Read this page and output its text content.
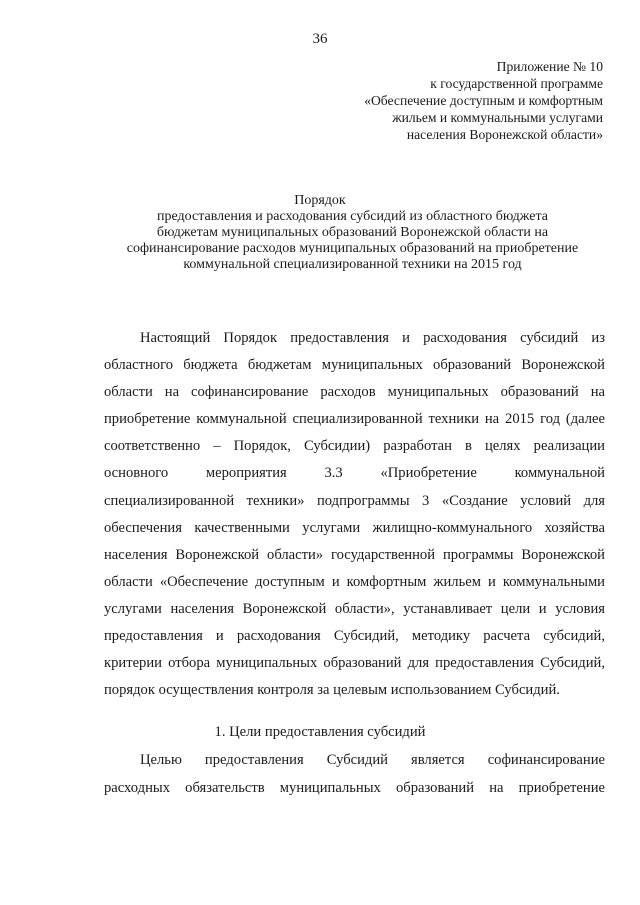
36
Приложение № 10
к государственной программе
«Обеспечение доступным и комфортным
жильем и коммунальными услугами
населения Воронежской области»
Порядок
предоставления и расходования субсидий из областного бюджета
бюджетам муниципальных образований Воронежской области на
софинансирование расходов муниципальных образований на приобретение
коммунальной специализированной техники на 2015 год
Настоящий Порядок предоставления и расходования субсидий из
областного бюджета бюджетам муниципальных образований Воронежской
области на софинансирование расходов муниципальных образований на
приобретение коммунальной специализированной техники на 2015 год (далее
соответственно – Порядок, Субсидии) разработан в целях реализации
основного мероприятия 3.3 «Приобретение коммунальной
специализированной техники» подпрограммы 3 «Создание условий для
обеспечения качественными услугами жилищно-коммунального хозяйства
населения Воронежской области» государственной программы Воронежской
области «Обеспечение доступным и комфортным жильем и коммунальными
услугами населения Воронежской области», устанавливает цели и условия
предоставления и расходования Субсидий, методику расчета субсидий,
критерии отбора муниципальных образований для предоставления Субсидий,
порядок осуществления контроля за целевым использованием Субсидий.
1. Цели предоставления субсидий
Целью предоставления Субсидий является софинансирование
расходных обязательств муниципальных образований на приобретение
